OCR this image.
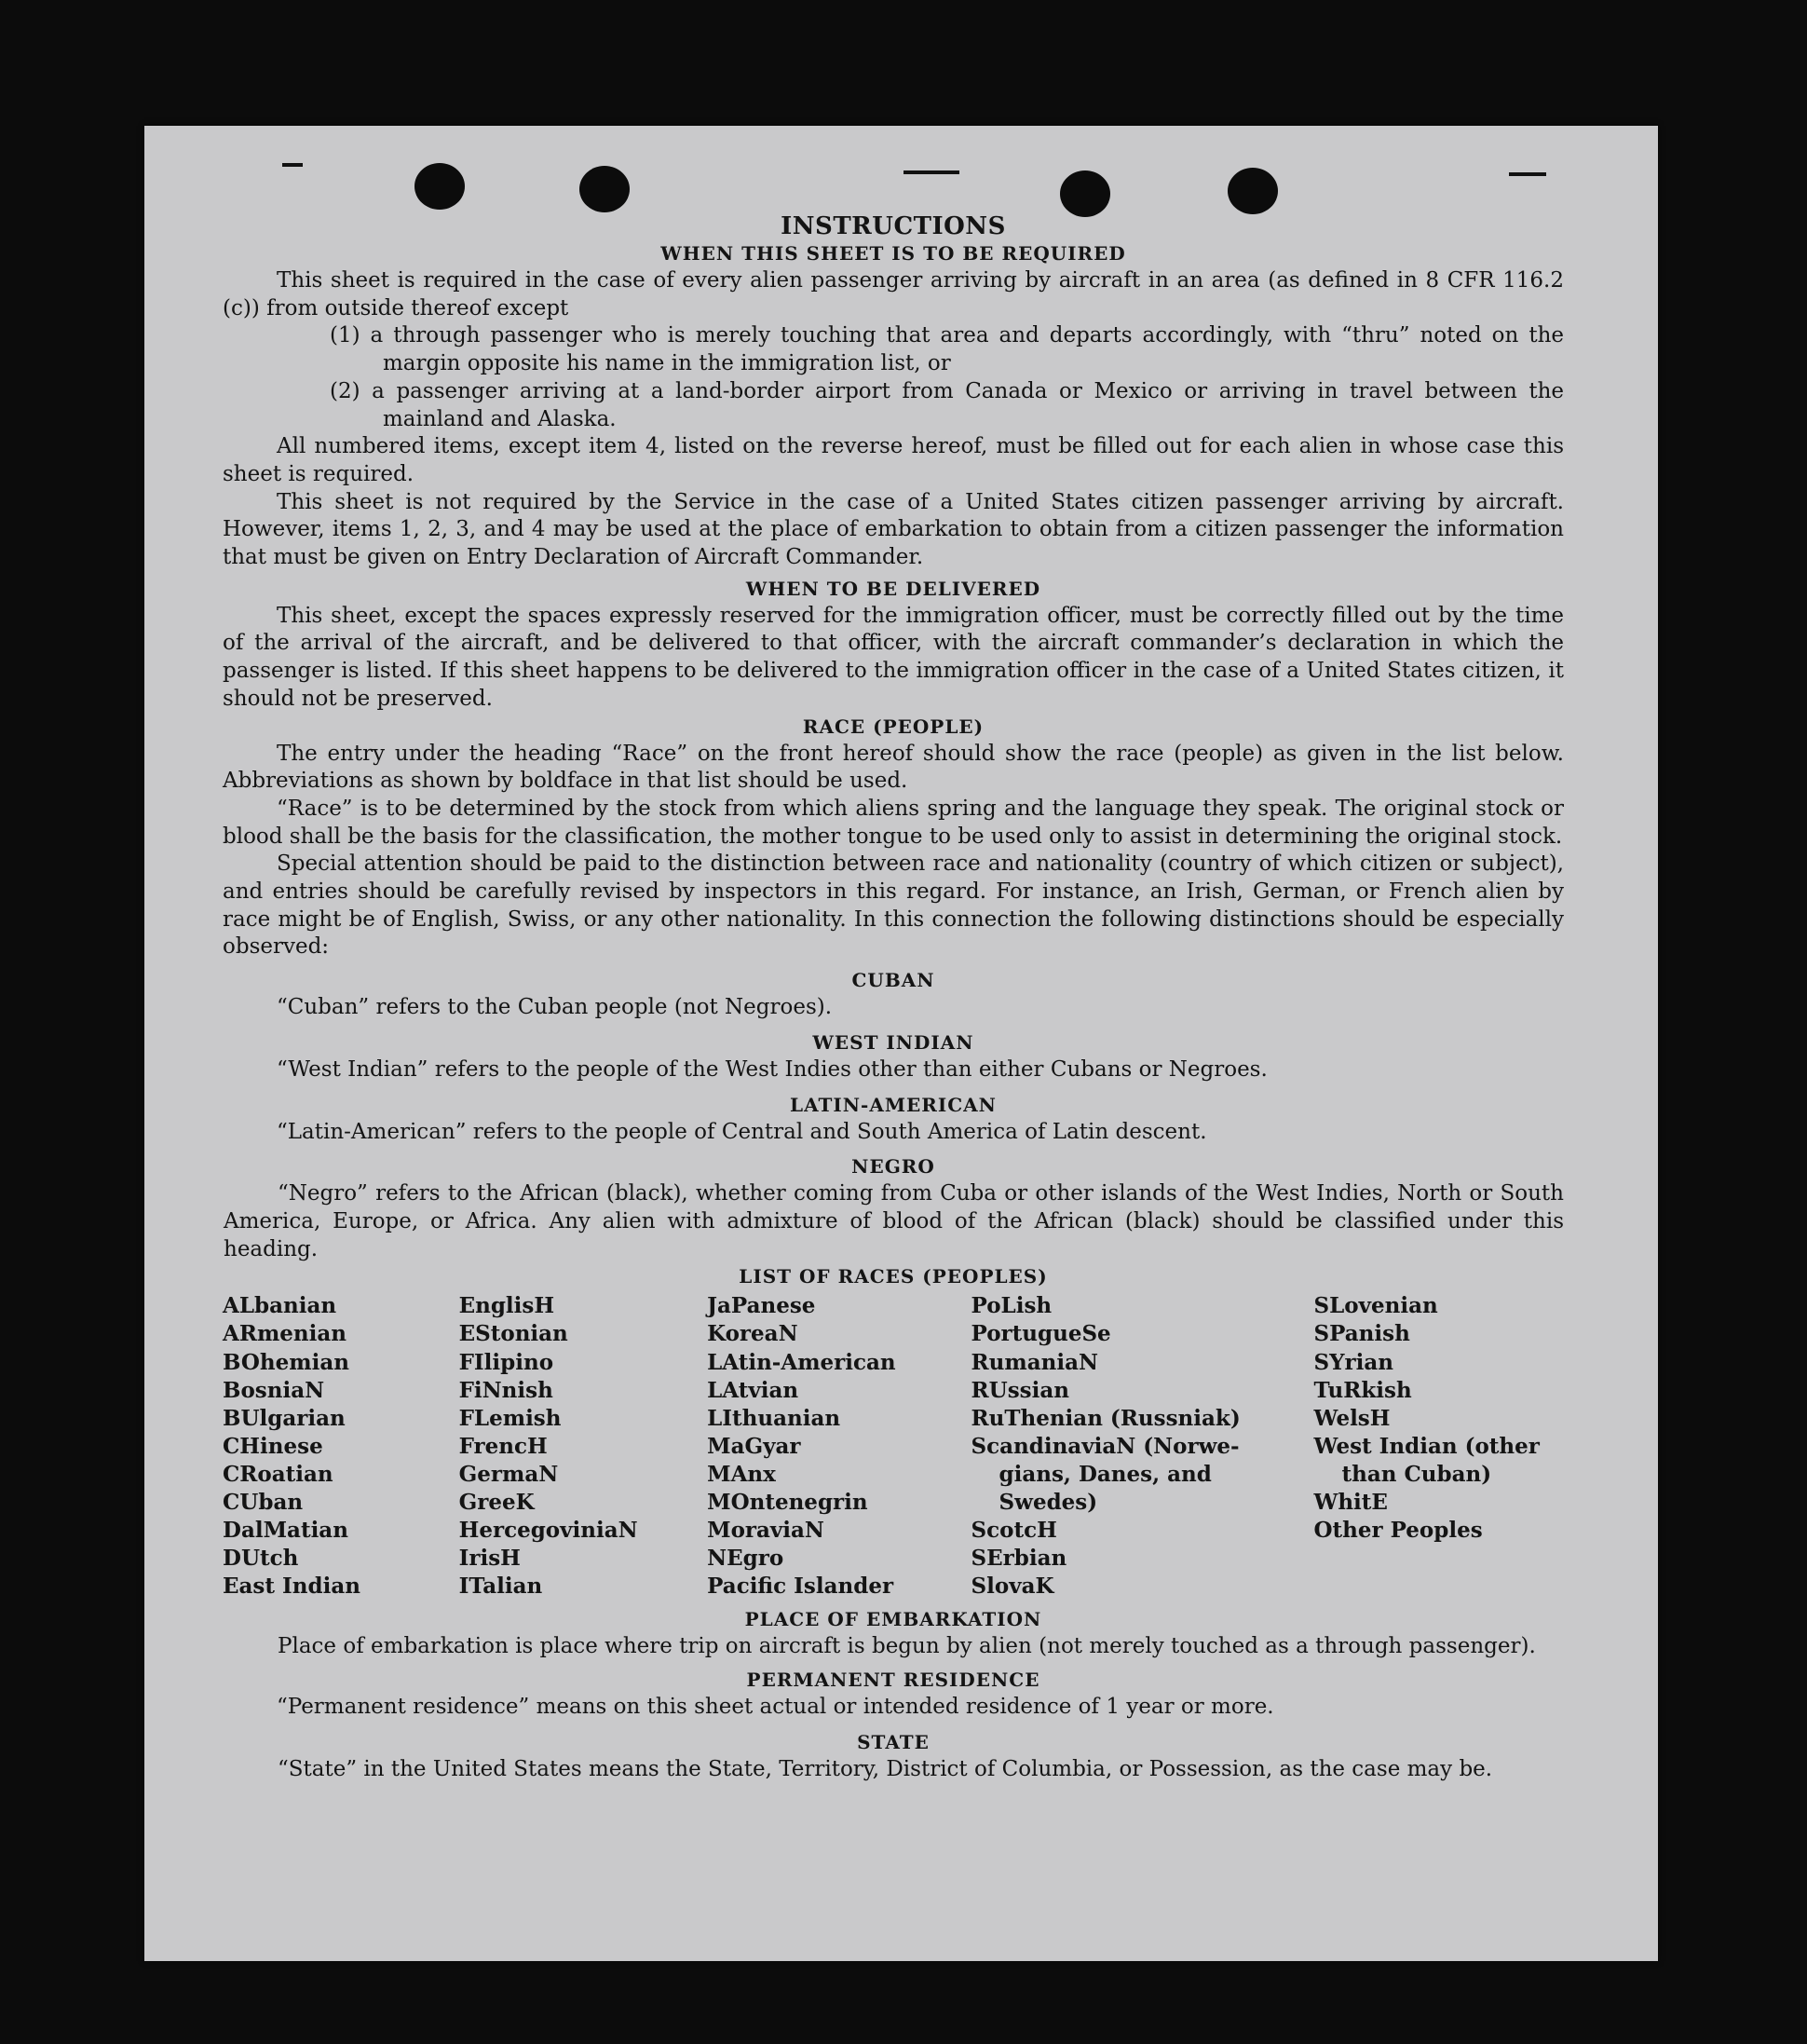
INSTRUCTIONS

WHEN THIS SHEET IS TO BE REQUIRED

This sheet is required in the case of every alien passenger arriving by aircraft in an area (as defined in 8 CFR 116.2 (c)) from outside thereof except

(1) a through passenger who is merely touching that area and departs accordingly, with “thru” noted on the margin opposite his name in the immigration list, or

(2) a passenger arriving at a land-border airport from Canada or Mexico or arriving in travel between the mainland and Alaska.

All numbered items, except item 4, listed on the reverse hereof, must be filled out for each alien in whose case this sheet is required.

This sheet is not required by the Service in the case of a United States citizen passenger arriving by aircraft. However, items 1, 2, 3, and 4 may be used at the place of embarkation to obtain from a citizen passenger the information that must be given on Entry Declaration of Aircraft Commander.

WHEN TO BE DELIVERED

This sheet, except the spaces expressly reserved for the immigration officer, must be correctly filled out by the time of the arrival of the aircraft, and be delivered to that officer, with the aircraft commander’s declaration in which the passenger is listed. If this sheet happens to be delivered to the immigration officer in the case of a United States citizen, it should not be preserved.

RACE (PEOPLE)

The entry under the heading “Race” on the front hereof should show the race (people) as given in the list below. Abbreviations as shown by boldface in that list should be used.

“Race” is to be determined by the stock from which aliens spring and the language they speak. The original stock or blood shall be the basis for the classification, the mother tongue to be used only to assist in determining the original stock.

Special attention should be paid to the distinction between race and nationality (country of which citizen or subject), and entries should be carefully revised by inspectors in this regard. For instance, an Irish, German, or French alien by race might be of English, Swiss, or any other nationality. In this connection the following distinctions should be especially observed:

CUBAN

“Cuban” refers to the Cuban people (not Negroes).

WEST INDIAN

“West Indian” refers to the people of the West Indies other than either Cubans or Negroes.

LATIN-AMERICAN

“Latin-American” refers to the people of Central and South America of Latin descent.

NEGRO

“Negro” refers to the African (black), whether coming from Cuba or other islands of the West Indies, North or South America, Europe, or Africa. Any alien with admixture of blood of the African (black) should be classified under this heading.

LIST OF RACES (PEOPLES)

ALbanian
ARmenian
BOhemian
BosniaN
BUlgarian
CHinese
CRoatian
CUban
DalMatian
DUtch
East Indian
EnglisH
EStonian
FIlipino
FiNnish
FLemish
FrencH
GermaN
GreeK
HercegoviniaN
IrisH
ITalian
JaPanese
KoreaN
LAtin-American
LAtvian
LIthuanian
MaGyar
MAnx
MOntenegrin
MoraviaN
NEgro
Pacific Islander
PoLish
PortugueSe
RumaniaN
RUssian
RuThenian (Russniak)
ScandinaviaN (Norwe-
gians, Danes, and
Swedes)
ScotcH
SErbian
SlovaK
SLovenian
SPanish
SYrian
TuRkish
WelsH
West Indian (other
than Cuban)
WhitE
Other Peoples

PLACE OF EMBARKATION

Place of embarkation is place where trip on aircraft is begun by alien (not merely touched as a through passenger).

PERMANENT RESIDENCE

“Permanent residence” means on this sheet actual or intended residence of 1 year or more.

STATE

“State” in the United States means the State, Territory, District of Columbia, or Possession, as the case may be.
